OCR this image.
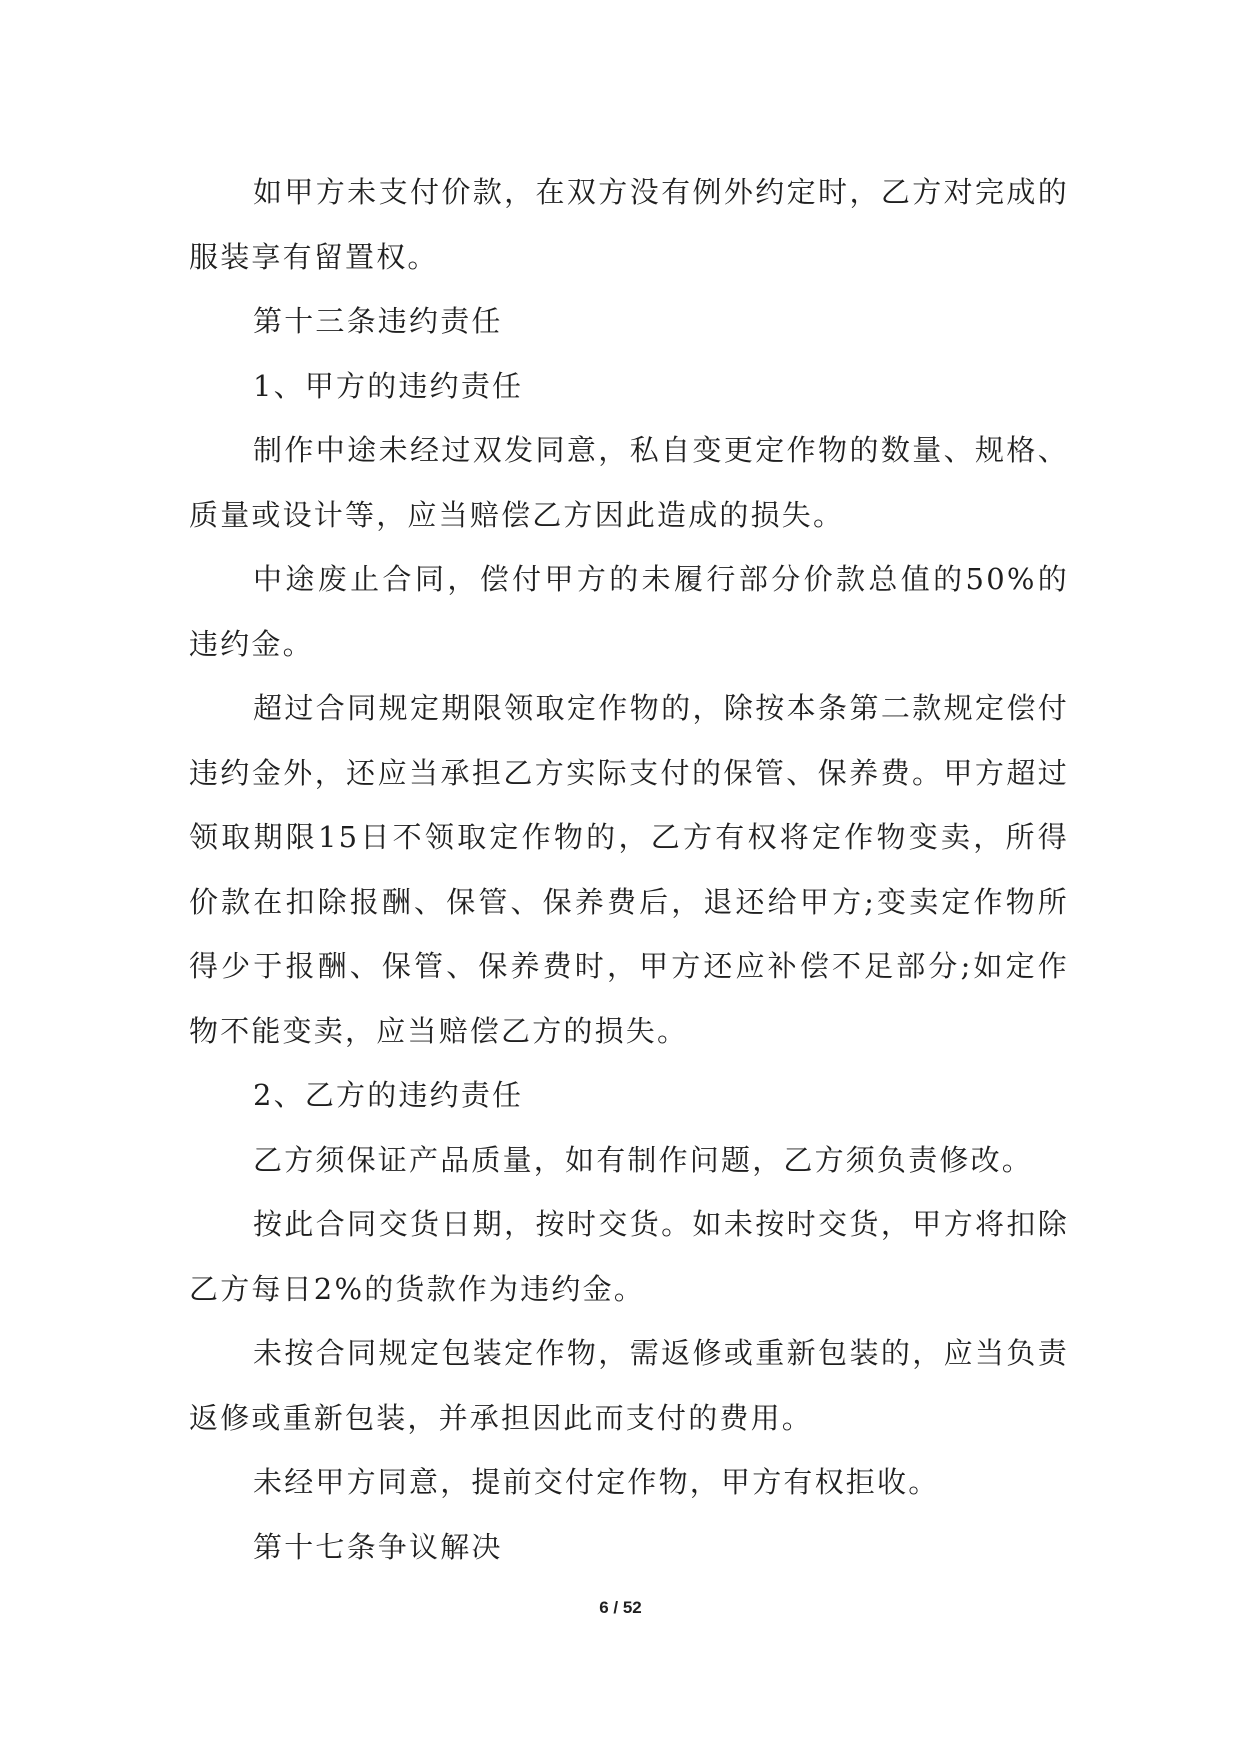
如甲方未支付价款，在双方没有例外约定时，乙方对完成的服装享有留置权。

第十三条违约责任

1、甲方的违约责任

制作中途未经过双发同意，私自变更定作物的数量、规格、质量或设计等，应当赔偿乙方因此造成的损失。

中途废止合同，偿付甲方的未履行部分价款总值的50%的违约金。

超过合同规定期限领取定作物的，除按本条第二款规定偿付违约金外，还应当承担乙方实际支付的保管、保养费。甲方超过领取期限15日不领取定作物的，乙方有权将定作物变卖，所得价款在扣除报酬、保管、保养费后，退还给甲方;变卖定作物所得少于报酬、保管、保养费时，甲方还应补偿不足部分;如定作物不能变卖，应当赔偿乙方的损失。

2、乙方的违约责任

乙方须保证产品质量，如有制作问题，乙方须负责修改。

按此合同交货日期，按时交货。如未按时交货，甲方将扣除乙方每日2%的货款作为违约金。

未按合同规定包装定作物，需返修或重新包装的，应当负责返修或重新包装，并承担因此而支付的费用。

未经甲方同意，提前交付定作物，甲方有权拒收。

第十七条争议解决

6 / 52
